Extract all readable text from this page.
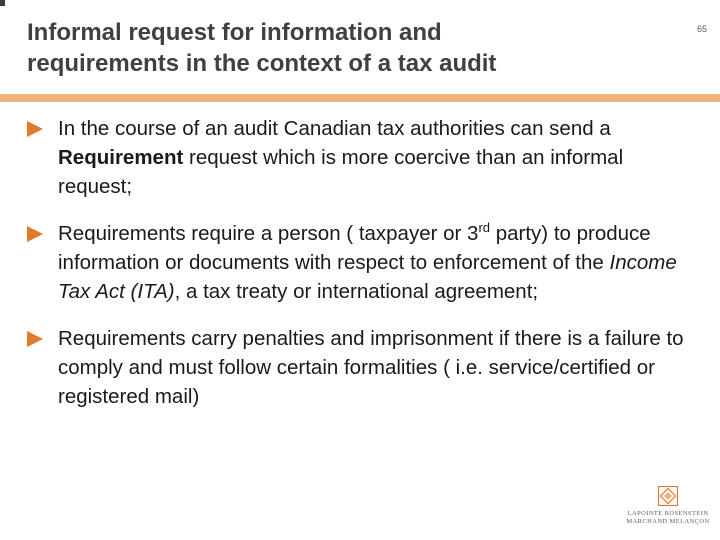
Informal request for information and
requirements in the context of a tax audit
65
In the course of an audit Canadian tax authorities can send a Requirement request which is more coercive than an informal request;
Requirements require a person ( taxpayer or 3rd party) to produce information or documents with respect to enforcement of the Income Tax Act (ITA), a tax treaty or international agreement;
Requirements carry penalties and imprisonment if there is a failure to comply and must follow certain formalities ( i.e. service/certified or registered mail)
LAPOINTE ROSENSTEIN
MARCHAND MELANÇON
